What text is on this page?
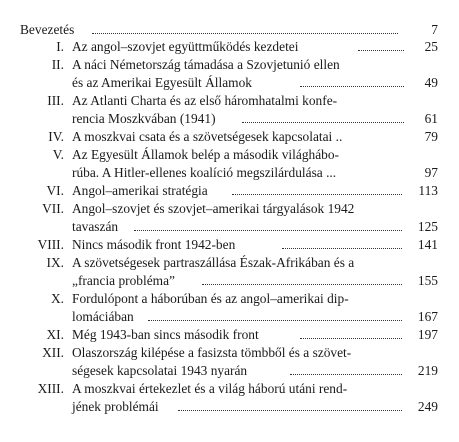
Bevezetés	7
I. Az angol–szovjet együttműködés kezdetei	25
II. A náci Németország támadása a Szovjetunió ellen
és az Amerikai Egyesült Államok	49
III. Az Atlanti Charta és az első háromhatalmi konfe-
rencia Moszkvában (1941)	61
IV. A moszkvai csata és a szövetségesek kapcsolatai ..	79
V. Az Egyesült Államok belép a második világhábo-
rúba. A Hitler-ellenes koalíció megszilárdulása ...	97
VI. Angol–amerikai stratégia	113
VII. Angol–szovjet és szovjet–amerikai tárgyalások 1942
tavaszán	125
VIII. Nincs második front 1942-ben	141
IX. A szövetségesek partraszállása Észak-Afrikában és a
„francia probléma”	155
X. Fordulópont a háborúban és az angol–amerikai dip-
lomáciában	167
XI. Még 1943-ban sincs második front	197
XII. Olaszország kilépése a fasizsta tömbből és a szövet-
ségesek kapcsolatai 1943 nyarán	219
XIII. A moszkvai értekezlet és a világ háború utáni rend-
jének problémái	249
